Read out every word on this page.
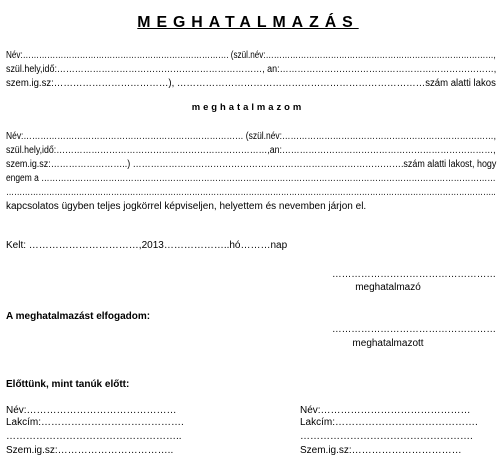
MEGHATALMAZÁS
Név:…………………………………………………………………. (szül.név:…………………………………………………………………………,
szül.hely,idő:……………………………………………………………, an:………………………………………………………………,
szem.ig.sz:………………………………), ……………………………………………………………………szám alatti lakos
meghatalmazom
Név:…………………………………………………………………… (szül.név:…………………………………………………………………,
szül.hely,idő:………………………………………………………………,an:………………………………………………………………,
szem.ig.sz:……………………..) ……………………………………………………………………………….szám alatti lakost, hogy
engem a ………………………………………………………………………………………………………………………………………………
………………………………………………………………………………………………………………………………………………………………..
kapcsolatos ügyben teljes jogkörrel képviseljen, helyettem és nevemben járjon el.
Kelt: ……………………………,2013………………..hó………nap
……………………………………………
meghatalmazó
A meghatalmazást elfogadom:
……………………………………………
meghatalmazott
Előttünk, mint tanúk előtt:
Név:………………………………………
Lakcím:…………………………………….
……………………………………………..
Szem.ig.sz:……………………………..
Név:………………………………………
Lakcím:…………………………………….
…………………………………………….
Szem.ig.sz:……………………………
